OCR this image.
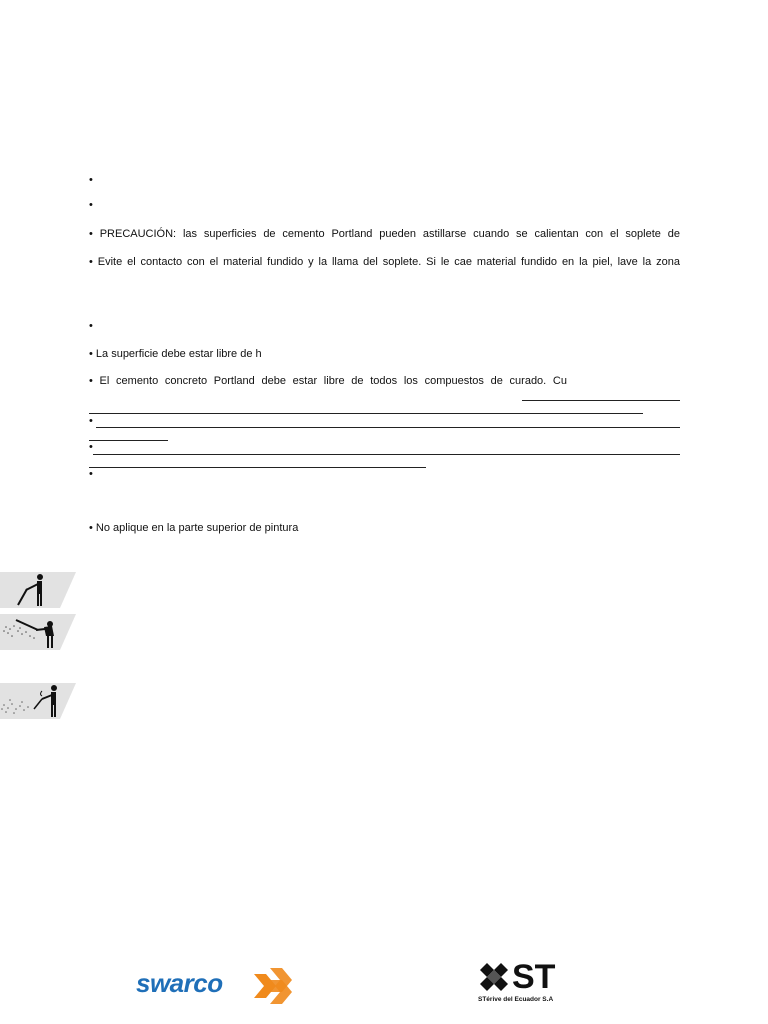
•
•
• PRECAUCIÓN: las superficies de cemento Portland pueden astillarse cuando se calientan con el soplete de
• Evite el contacto con el material fundido y la llama del soplete. Si le cae material fundido en la piel, lave la zona
•
• La superficie debe estar libre de h
• El cemento concreto Portland debe estar libre de todos los compuestos de curado. Cu
•
•
•
• No aplique en la parte superior de pintura
swarco	ST
STérive del Ecuador S.A
